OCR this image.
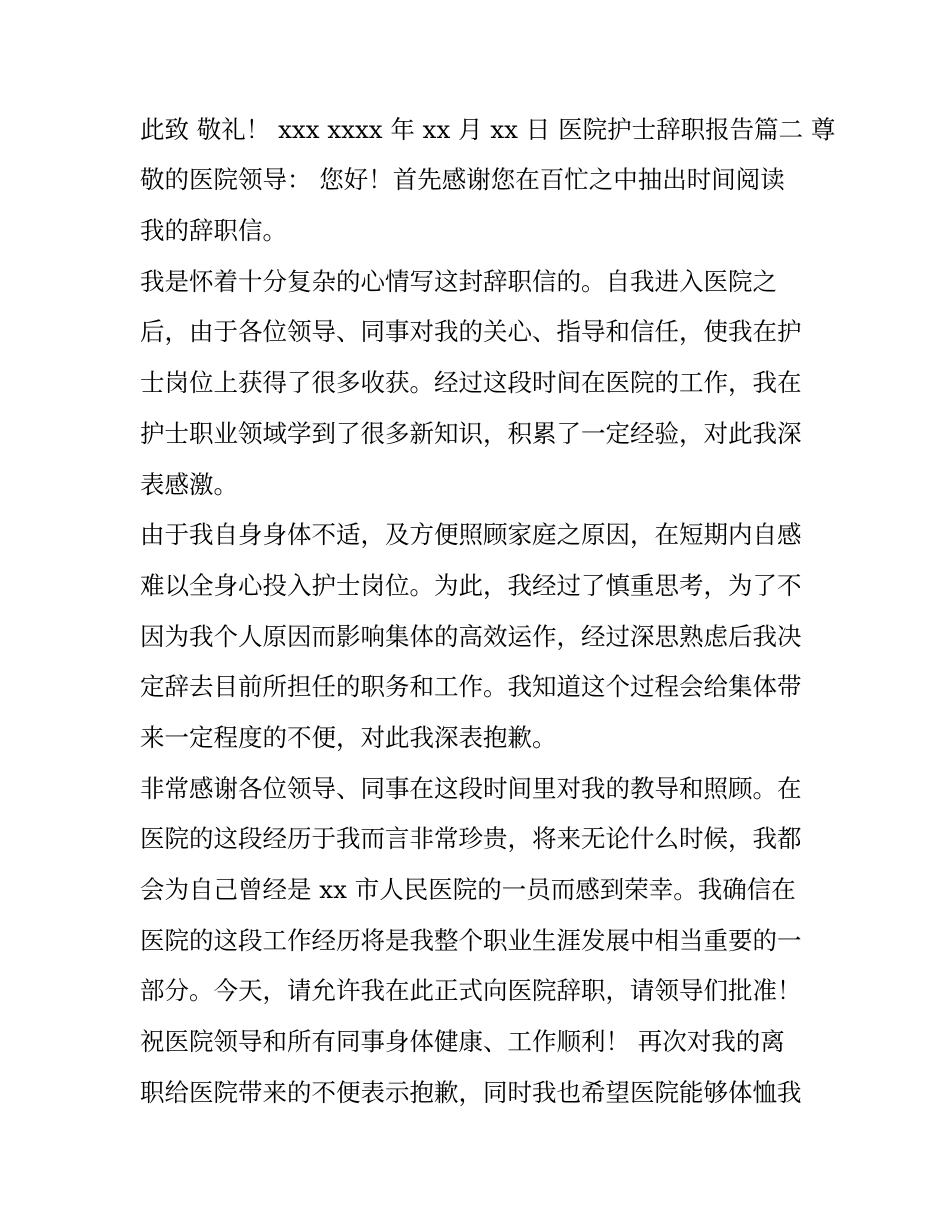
此致 敬礼！ xxx xxxx 年 xx 月 xx 日 医院护士辞职报告篇二 尊
敬的医院领导： 您好！首先感谢您在百忙之中抽出时间阅读
我的辞职信。
我是怀着十分复杂的心情写这封辞职信的。自我进入医院之
后，由于各位领导、同事对我的关心、指导和信任，使我在护
士岗位上获得了很多收获。经过这段时间在医院的工作，我在
护士职业领域学到了很多新知识，积累了一定经验，对此我深
表感激。
由于我自身身体不适，及方便照顾家庭之原因，在短期内自感
难以全身心投入护士岗位。为此，我经过了慎重思考，为了不
因为我个人原因而影响集体的高效运作，经过深思熟虑后我决
定辞去目前所担任的职务和工作。我知道这个过程会给集体带
来一定程度的不便，对此我深表抱歉。
非常感谢各位领导、同事在这段时间里对我的教导和照顾。在
医院的这段经历于我而言非常珍贵，将来无论什么时候，我都
会为自己曾经是 xx 市人民医院的一员而感到荣幸。我确信在
医院的这段工作经历将是我整个职业生涯发展中相当重要的一
部分。今天，请允许我在此正式向医院辞职，请领导们批准！
祝医院领导和所有同事身体健康、工作顺利！ 再次对我的离
职给医院带来的不便表示抱歉，同时我也希望医院能够体恤我
